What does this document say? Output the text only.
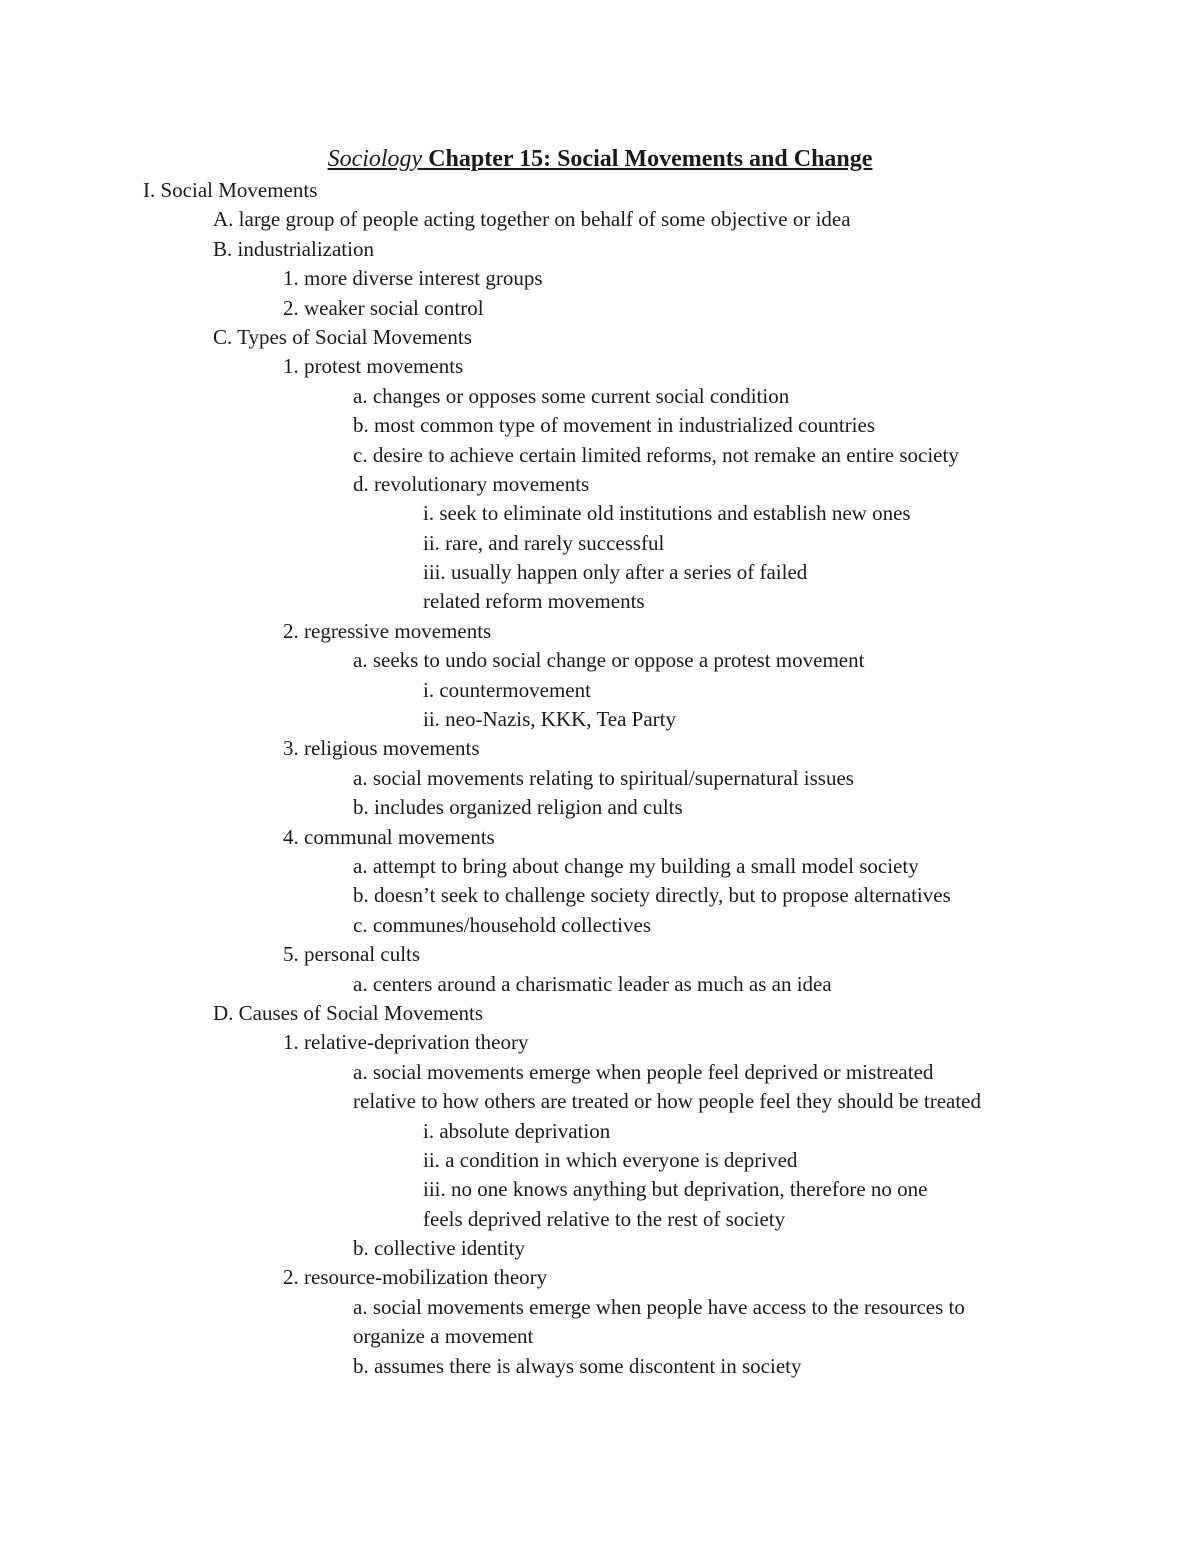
Sociology Chapter 15: Social Movements and Change
I. Social Movements
A. large group of people acting together on behalf of some objective or idea
B. industrialization
1. more diverse interest groups
2. weaker social control
C. Types of Social Movements
1. protest movements
a. changes or opposes some current social condition
b. most common type of movement in industrialized countries
c. desire to achieve certain limited reforms, not remake an entire society
d. revolutionary movements
i. seek to eliminate old institutions and establish new ones
ii. rare, and rarely successful
iii. usually happen only after a series of failed
related reform movements
2. regressive movements
a. seeks to undo social change or oppose a protest movement
i. countermovement
ii. neo-Nazis, KKK, Tea Party
3. religious movements
a. social movements relating to spiritual/supernatural issues
b. includes organized religion and cults
4. communal movements
a. attempt to bring about change my building a small model society
b. doesn’t seek to challenge society directly, but to propose alternatives
c. communes/household collectives
5. personal cults
a. centers around a charismatic leader as much as an idea
D. Causes of Social Movements
1. relative-deprivation theory
a. social movements emerge when people feel deprived or mistreated
relative to how others are treated or how people feel they should be treated
i. absolute deprivation
ii. a condition in which everyone is deprived
iii. no one knows anything but deprivation, therefore no one
feels deprived relative to the rest of society
b. collective identity
2. resource-mobilization theory
a. social movements emerge when people have access to the resources to
organize a movement
b. assumes there is always some discontent in society
